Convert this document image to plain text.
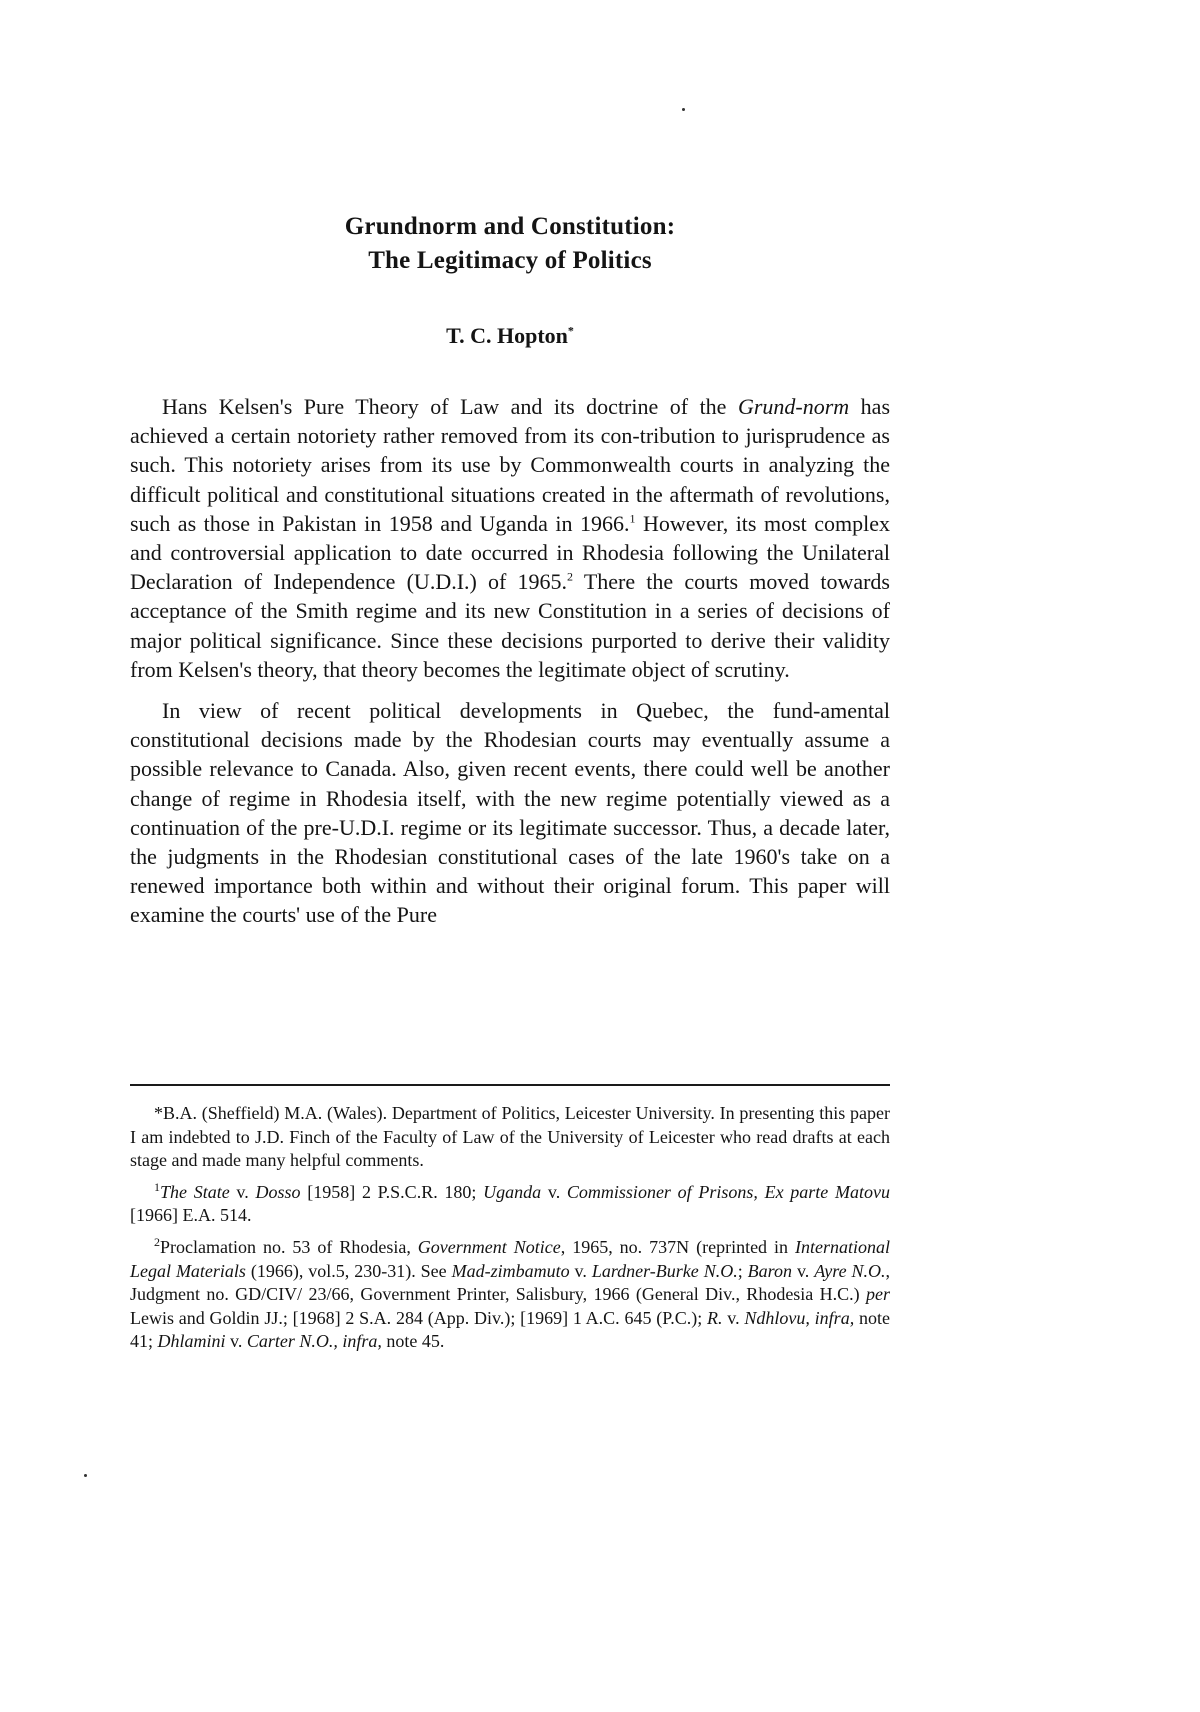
Grundnorm and Constitution:
The Legitimacy of Politics
T. C. Hopton*

Hans Kelsen's Pure Theory of Law and its doctrine of the Grund-norm has achieved a certain notoriety rather removed from its con-tribution to jurisprudence as such. This notoriety arises from its use by Commonwealth courts in analyzing the difficult political and constitutional situations created in the aftermath of revolutions, such as those in Pakistan in 1958 and Uganda in 1966.$^1$ However, its most complex and controversial application to date occurred in Rhodesia following the Unilateral Declaration of Independence (U.D.I.) of 1965.$^2$ There the courts moved towards acceptance of the Smith regime and its new Constitution in a series of decisions of major political significance. Since these decisions purported to derive their validity from Kelsen's theory, that theory becomes the legitimate object of scrutiny.

In view of recent political developments in Quebec, the fund-amental constitutional decisions made by the Rhodesian courts may eventually assume a possible relevance to Canada. Also, given recent events, there could well be another change of regime in Rhodesia itself, with the new regime potentially viewed as a continuation of the pre-U.D.I. regime or its legitimate successor. Thus, a decade later, the judgments in the Rhodesian constitutional cases of the late 1960's take on a renewed importance both within and without their original forum. This paper will examine the courts' use of the Pure

*B.A. (Sheffield) M.A. (Wales). Department of Politics, Leicester University. In presenting this paper I am indebted to J.D. Finch of the Faculty of Law of the University of Leicester who read drafts at each stage and made many helpful comments.

$^1$The State v. Dosso [1958] 2 P.S.C.R. 180; Uganda v. Commissioner of Prisons, Ex parte Matovu [1966] E.A. 514.

$^2$Proclamation no. 53 of Rhodesia, Government Notice, 1965, no. 737N (reprinted in International Legal Materials (1966), vol.5, 230-31). See Mad-zimbamuto v. Lardner-Burke N.O.; Baron v. Ayre N.O., Judgment no. GD/CIV/ 23/66, Government Printer, Salisbury, 1966 (General Div., Rhodesia H.C.) per Lewis and Goldin JJ.; [1968] 2 S.A. 284 (App. Div.); [1969] 1 A.C. 645 (P.C.); R. v. Ndhlovu, infra, note 41; Dhlamini v. Carter N.O., infra, note 45.
